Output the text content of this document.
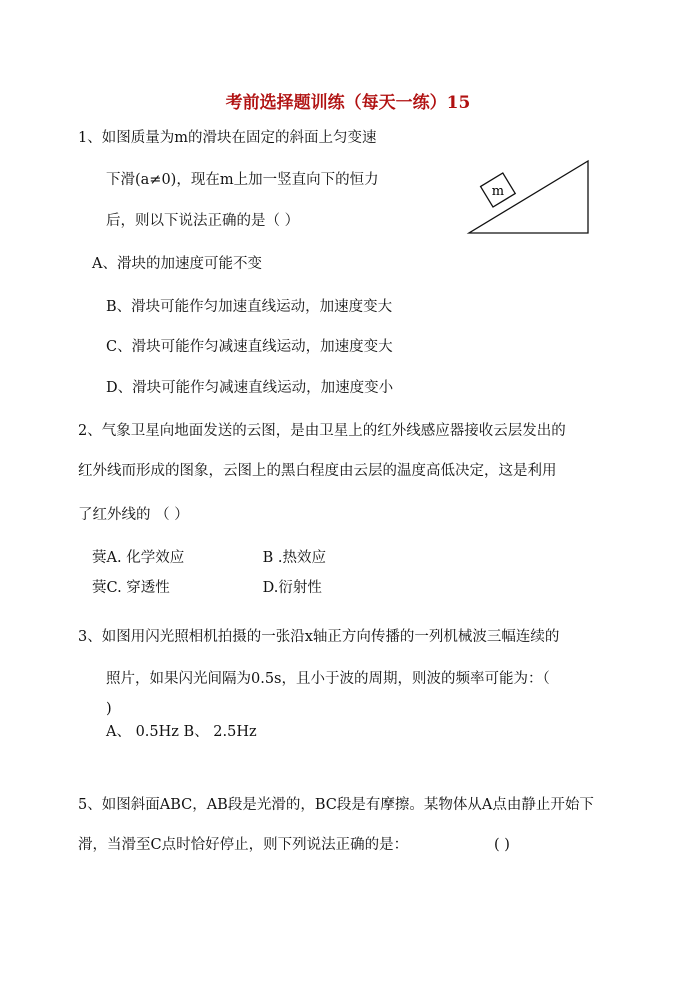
考前选择题训练（每天一练）15
1、如图质量为m的滑块在固定的斜面上匀变速
下滑(a≠0)，现在m上加一竖直向下的恒力
后，则以下说法正确的是（ ）
m
A、滑块的加速度可能不变
B、滑块可能作匀加速直线运动，加速度变大
C、滑块可能作匀减速直线运动，加速度变大
D、滑块可能作匀减速直线运动，加速度变小
2、气象卫星向地面发送的云图，是由卫星上的红外线感应器接收云层发出的
红外线而形成的图象，云图上的黑白程度由云层的温度高低决定，这是利用
了红外线的 （ ）
蓂A. 化学效应	B .热效应
蓂C. 穿透性	D.衍射性
3、如图用闪光照相机拍摄的一张沿x轴正方向传播的一列机械波三幅连续的
照片，如果闪光间隔为0.5s，且小于波的周期，则波的频率可能为：（
)
A、 0.5Hz B、 2.5Hz
5、如图斜面ABC，AB段是光滑的，BC段是有摩擦。某物体从A点由静止开始下
滑，当滑至C点时恰好停止，则下列说法正确的是：	( )
